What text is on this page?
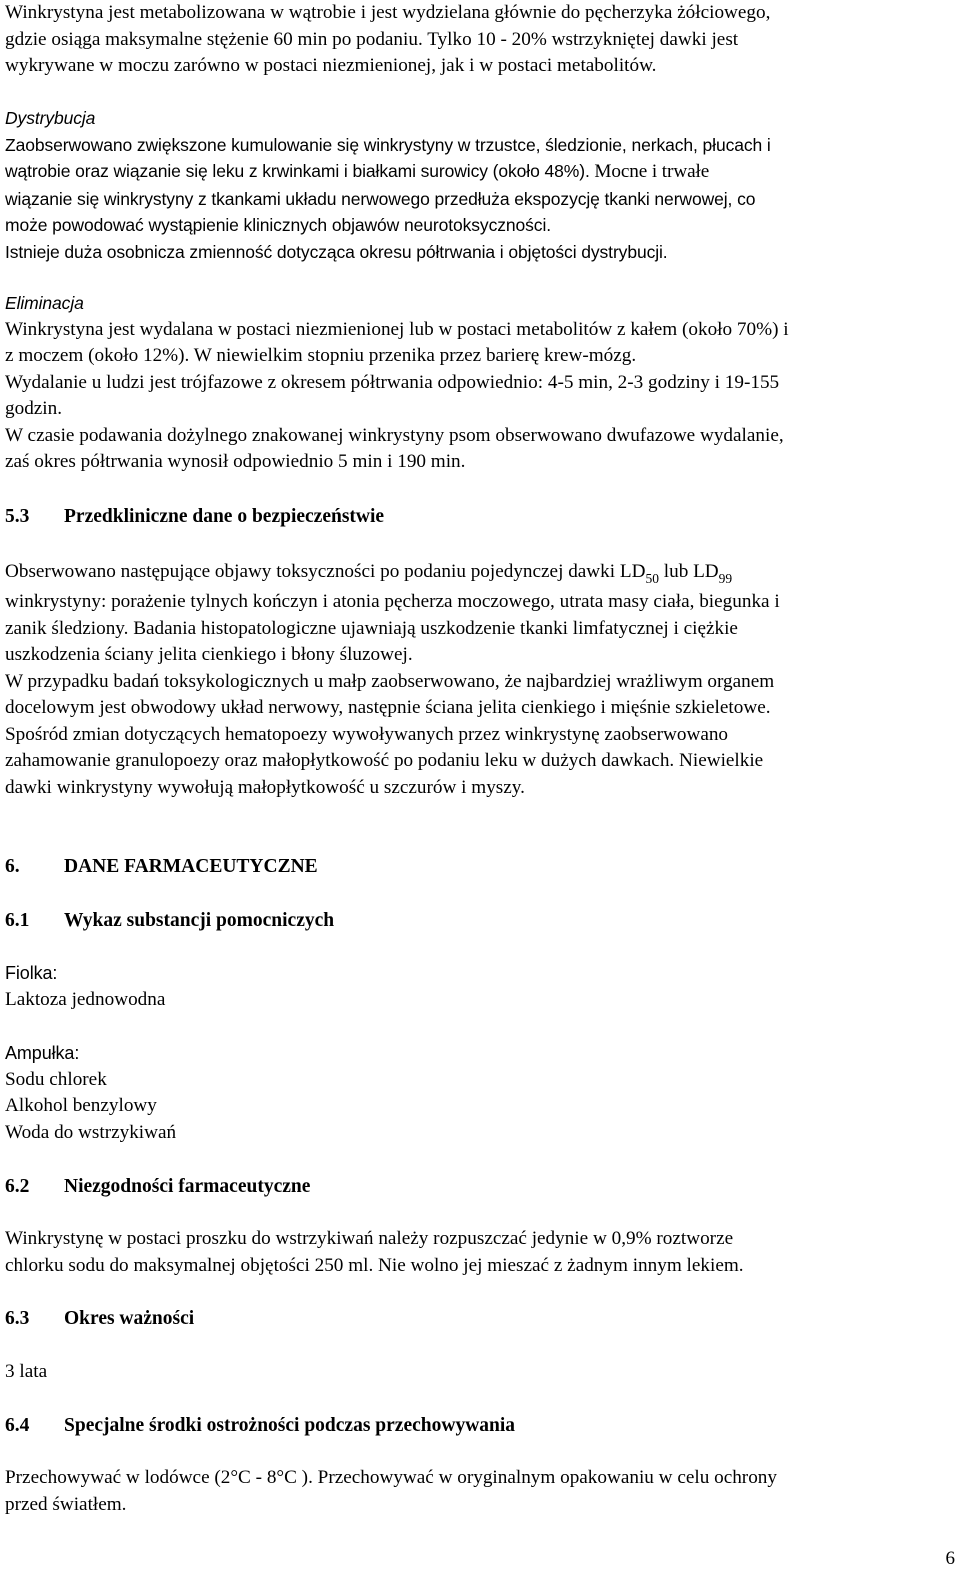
Winkrystyna jest metabolizowana w wątrobie i jest wydzielana głównie do pęcherzyka żółciowego,

gdzie osiąga maksymalne stężenie 60 min po podaniu. Tylko 10 - 20% wstrzykniętej dawki jest

wykrywane w moczu zarówno w postaci niezmienionej, jak i w postaci metabolitów.

Dystrybucja

Zaobserwowano zwiększone kumulowanie się winkrystyny w trzustce, śledzionie, nerkach, płucach i

wątrobie oraz wiązanie się leku z krwinkami i białkami surowicy (około 48%). Mocne i trwałe

wiązanie się winkrystyny z tkankami układu nerwowego przedłuża ekspozycję tkanki nerwowej, co

może powodować wystąpienie klinicznych objawów neurotoksyczności.

Istnieje duża osobnicza zmienność dotycząca okresu półtrwania i objętości dystrybucji.

Eliminacja

Winkrystyna jest wydalana w postaci niezmienionej lub w postaci metabolitów z kałem (około 70%) i

z moczem (około 12%). W niewielkim stopniu przenika przez barierę krew-mózg.

Wydalanie u ludzi jest trójfazowe z okresem półtrwania odpowiednio: 4-5 min, 2-3 godziny i 19-155

godzin.

W czasie podawania dożylnego znakowanej winkrystyny psom obserwowano dwufazowe wydalanie,

zaś okres półtrwania wynosił odpowiednio 5 min i 190 min.

5.3 Przedkliniczne dane o bezpieczeństwie

Obserwowano następujące objawy toksyczności po podaniu pojedynczej dawki $LD_{50}$ lub $LD_{99}$

winkrystyny: porażenie tylnych kończyn i atonia pęcherza moczowego, utrata masy ciała, biegunka i

zanik śledziony. Badania histopatologiczne ujawniają uszkodzenie tkanki limfatycznej i ciężkie

uszkodzenia ściany jelita cienkiego i błony śluzowej.

W przypadku badań toksykologicznych u małp zaobserwowano, że najbardziej wrażliwym organem

docelowym jest obwodowy układ nerwowy, następnie ściana jelita cienkiego i mięśnie szkieletowe.

Spośród zmian dotyczących hematopoezy wywoływanych przez winkrystynę zaobserwowano

zahamowanie granulopoezy oraz małopłytkowość po podaniu leku w dużych dawkach. Niewielkie

dawki winkrystyny wywołują małopłytkowość u szczurów i myszy.

6. DANE FARMACEUTYCZNE
6.1 Wykaz substancji pomocniczych

Fiolka:

Laktoza jednowodna

Ampułka:

Sodu chlorek

Alkohol benzylowy

Woda do wstrzykiwań

6.2 Niezgodności farmaceutyczne

Winkrystynę w postaci proszku do wstrzykiwań należy rozpuszczać jedynie w 0,9% roztworze

chlorku sodu do maksymalnej objętości 250 ml. Nie wolno jej mieszać z żadnym innym lekiem.

6.3 Okres ważności

3 lata

6.4 Specjalne środki ostrożności podczas przechowywania

Przechowywać w lodówce (2°C - 8°C ). Przechowywać w oryginalnym opakowaniu w celu ochrony

przed światłem.

6
